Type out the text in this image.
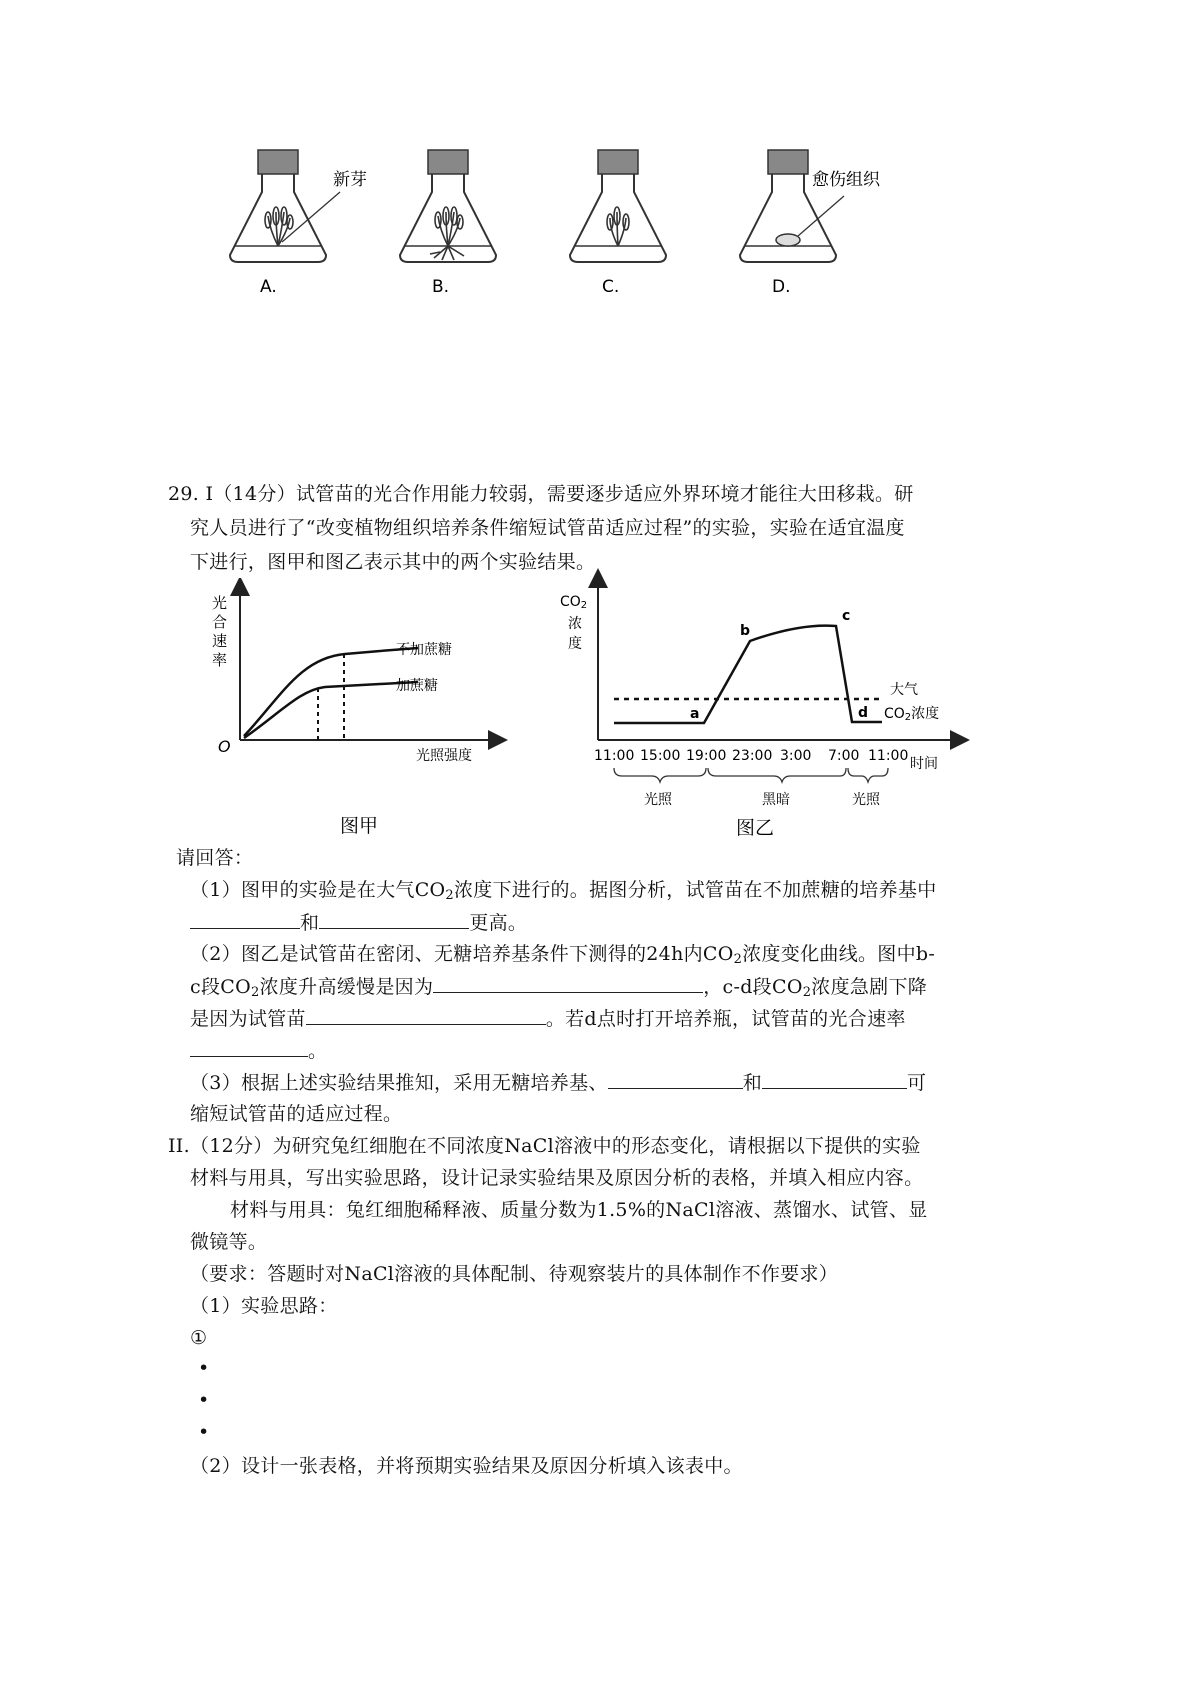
新芽
A.	B.	C.
愈伤组织
D.
29. I（14分）试管苗的光合作用能力较弱，需要逐步适应外界环境才能往大田移栽。研
究人员进行了“改变植物组织培养条件缩短试管苗适应过程”的实验，实验在适宜温度
下进行，图甲和图乙表示其中的两个实验结果。
光合速率
O	光照强度
不加蔗糖
加蔗糖
图甲
CO2
浓
度
a
b
c
d
大气
CO2浓度
11:00 15:00 19:00 23:00 3:00 7:00 11:00 时间
光照	黑暗	光照
图乙
请回答：
（1）图甲的实验是在大气$CO_2$浓度下进行的。据图分析，试管苗在不加蔗糖的培养基中
和	更高。
（2）图乙是试管苗在密闭、无糖培养基条件下测得的24h内$CO_2$浓度变化曲线。图中b-
c段$CO_2$浓度升高缓慢是因为	，c-d段$CO_2$浓度急剧下降
是因为试管苗	。若d点时打开培养瓶，试管苗的光合速率
。
（3）根据上述实验结果推知，采用无糖培养基、	和	可
缩短试管苗的适应过程。
II.（12分）为研究兔红细胞在不同浓度NaCl溶液中的形态变化，请根据以下提供的实验
材料与用具，写出实验思路，设计记录实验结果及原因分析的表格，并填入相应内容。
材料与用具：兔红细胞稀释液、质量分数为1.5%的NaCl溶液、蒸馏水、试管、显
微镜等。
（要求：答题时对NaCl溶液的具体配制、待观察装片的具体制作不作要求）
（1）实验思路：
①
•
•
•
（2）设计一张表格，并将预期实验结果及原因分析填入该表中。
